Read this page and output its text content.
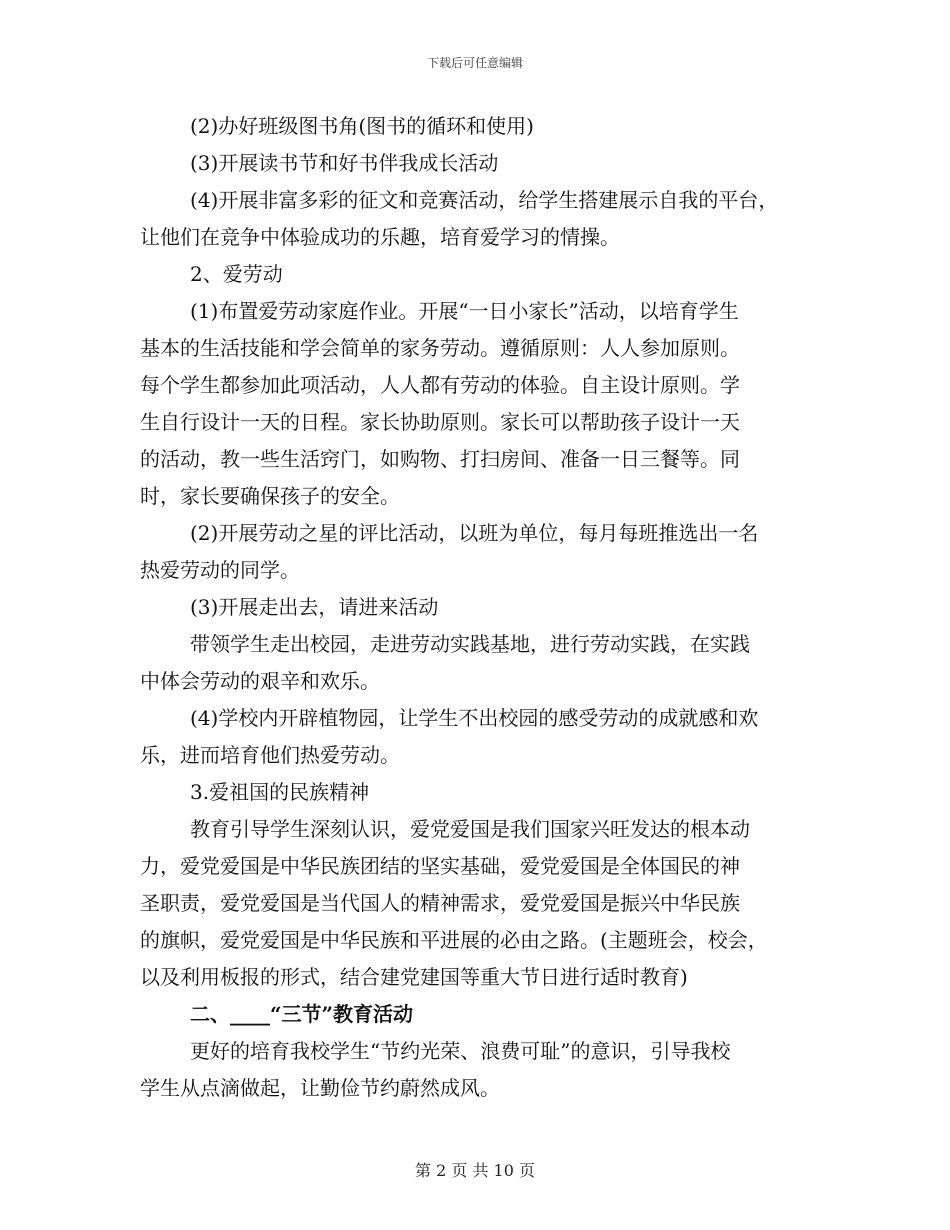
下载后可任意编辑
(2)办好班级图书角(图书的循环和使用)
(3)开展读书节和好书伴我成长活动
(4)开展非富多彩的征文和竞赛活动，给学生搭建展示自我的平台，
让他们在竞争中体验成功的乐趣，培育爱学习的情操。
2、爱劳动
(1)布置爱劳动家庭作业。开展“一日小家长”活动，以培育学生
基本的生活技能和学会简单的家务劳动。遵循原则：人人参加原则。
每个学生都参加此项活动，人人都有劳动的体验。自主设计原则。学
生自行设计一天的日程。家长协助原则。家长可以帮助孩子设计一天
的活动，教一些生活窍门，如购物、打扫房间、准备一日三餐等。同
时，家长要确保孩子的安全。
(2)开展劳动之星的评比活动，以班为单位，每月每班推选出一名
热爱劳动的同学。
(3)开展走出去，请进来活动
带领学生走出校园，走进劳动实践基地，进行劳动实践，在实践
中体会劳动的艰辛和欢乐。
(4)学校内开辟植物园，让学生不出校园的感受劳动的成就感和欢
乐，进而培育他们热爱劳动。
3.爱祖国的民族精神
教育引导学生深刻认识，爱党爱国是我们国家兴旺发达的根本动
力，爱党爱国是中华民族团结的坚实基础，爱党爱国是全体国民的神
圣职责，爱党爱国是当代国人的精神需求，爱党爱国是振兴中华民族
的旗帜，爱党爱国是中华民族和平进展的必由之路。(主题班会，校会，
以及利用板报的形式，结合建党建国等重大节日进行适时教育)
二、____“三节”教育活动
更好的培育我校学生“节约光荣、浪费可耻”的意识，引导我校
学生从点滴做起，让勤俭节约蔚然成风。
第 2 页 共 10 页
